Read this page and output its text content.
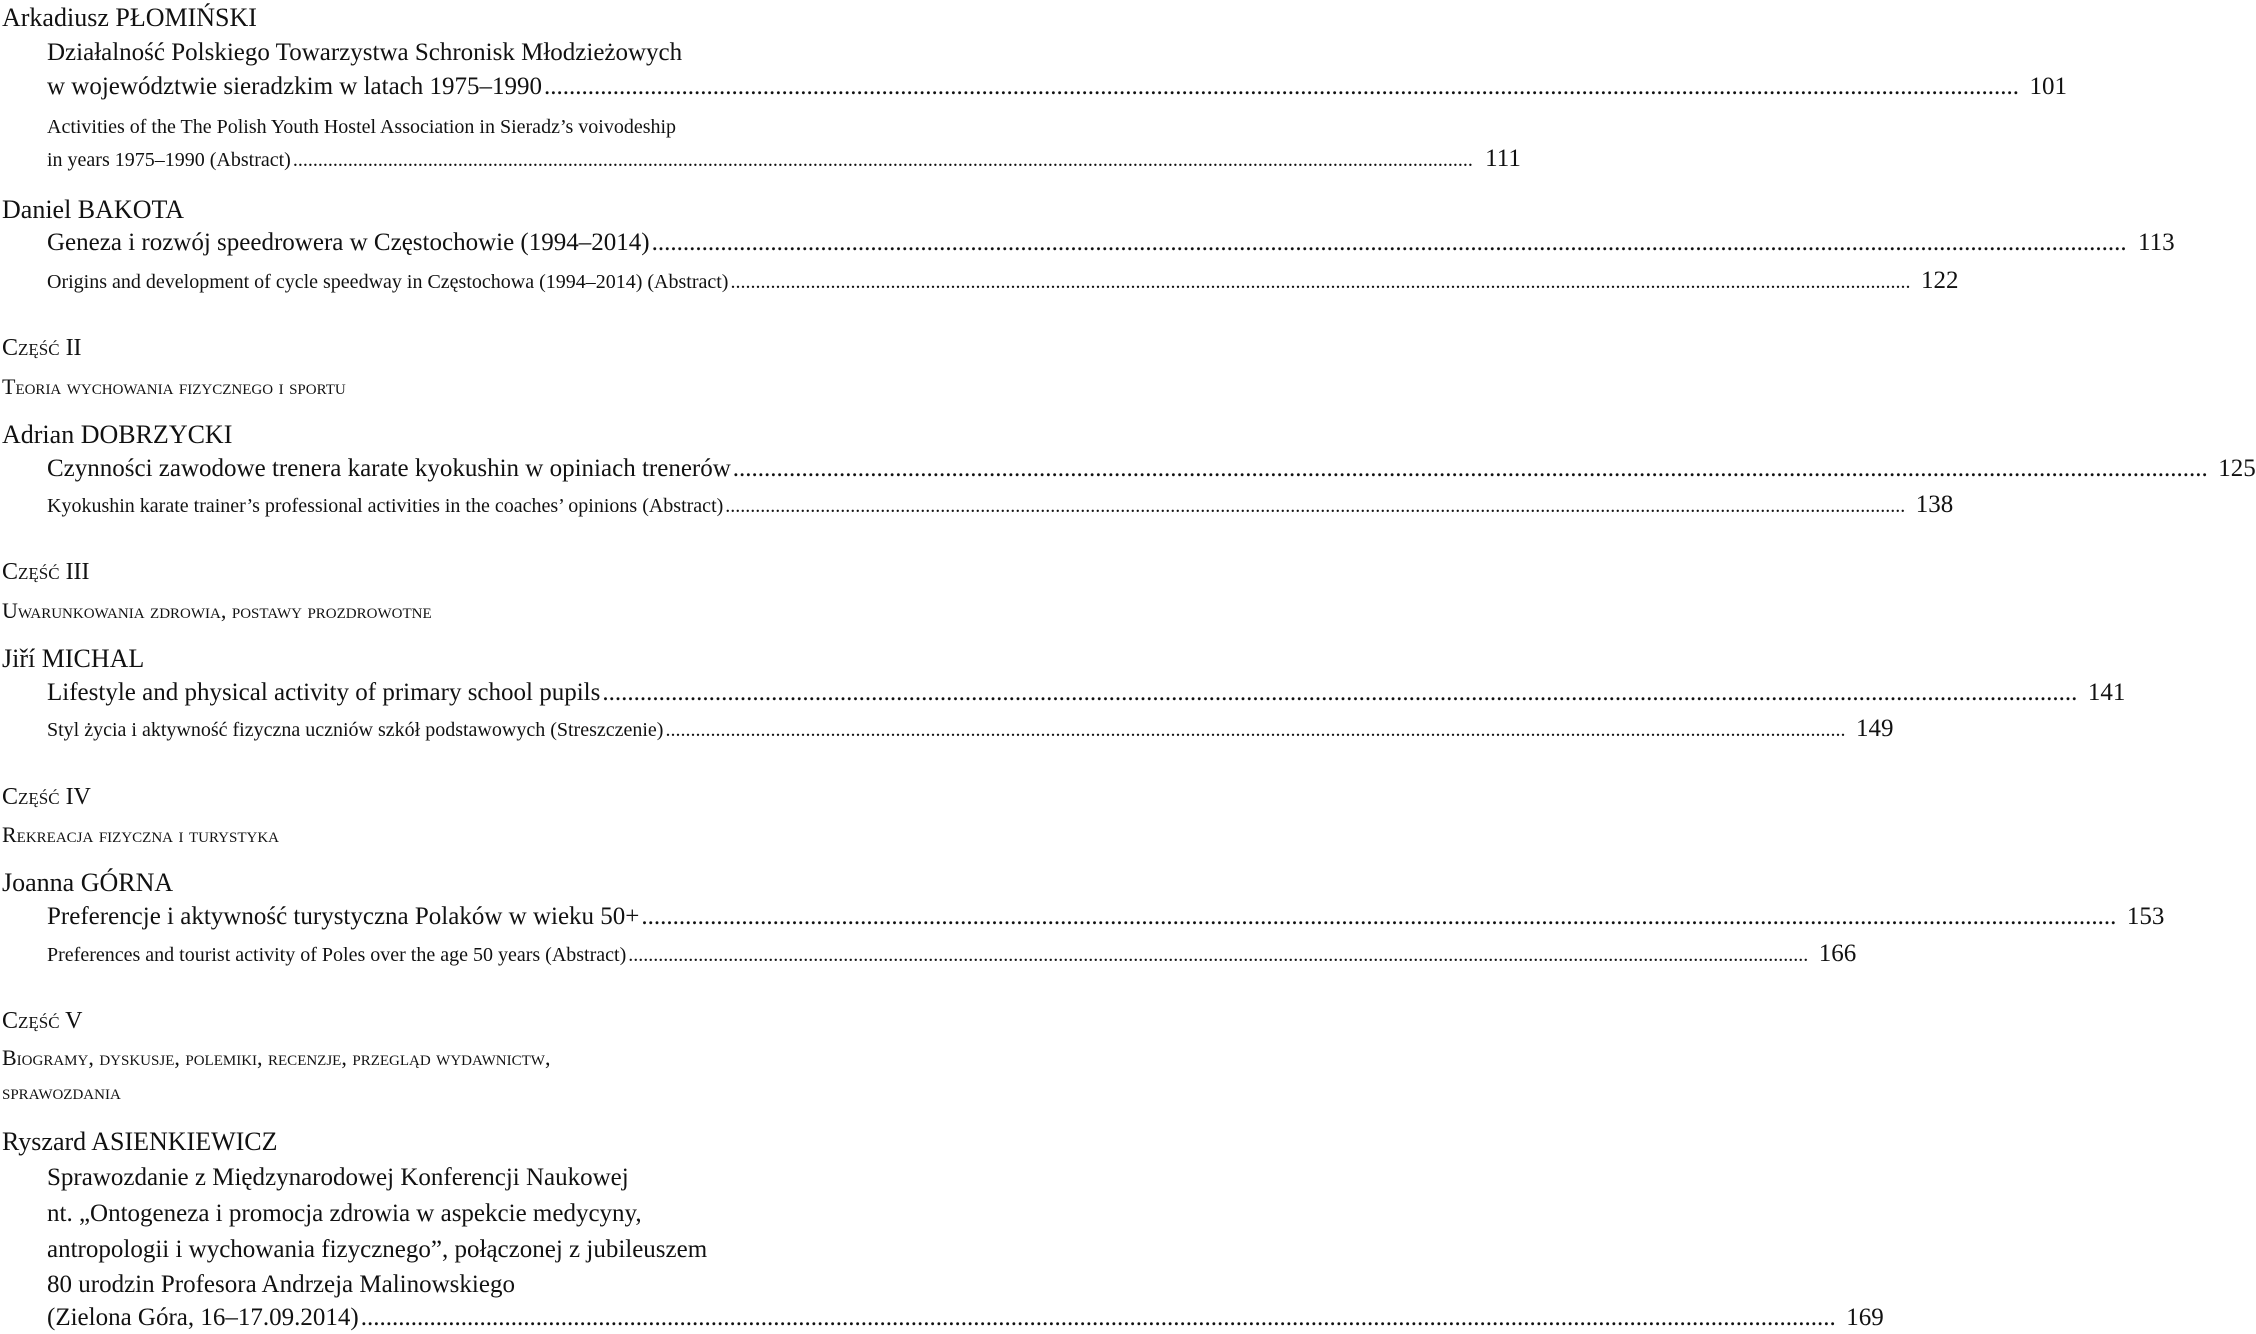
Arkadiusz PŁOMIŃSKI
Działalność Polskiego Towarzystwa Schronisk Młodzieżowych
w województwie sieradzkim w latach 1975–1990 .....	101
Activities of the The Polish Youth Hostel Association in Sieradz’s voivodeship
in years 1975–1990 (Abstract) .....	111
Daniel BAKOTA
Geneza i rozwój speedrowera w Częstochowie (1994–2014) .....	113
Origins and development of cycle speedway in Częstochowa (1994–2014) (Abstract) .....	122
Część II
Teoria wychowania fizycznego i sportu
Adrian DOBRZYCKI
Czynności zawodowe trenera karate kyokushin w opiniach trenerów .....	125
Kyokushin karate trainer’s professional activities in the coaches’ opinions (Abstract) .....	138
Część III
Uwarunkowania zdrowia, postawy prozdrowotne
Jiří MICHAL
Lifestyle and physical activity of primary school pupils .....	141
Styl życia i aktywność fizyczna uczniów szkół podstawowych (Streszczenie) .....	149
Część IV
Rekreacja fizyczna i turystyka
Joanna GÓRNA
Preferencje i aktywność turystyczna Polaków w wieku 50+ .....	153
Preferences and tourist activity of Poles over the age 50 years (Abstract) .....	166
Część V
Biogramy, dyskusje, polemiki, recenzje, przegląd wydawnictw,
sprawozdania
Ryszard ASIENKIEWICZ
Sprawozdanie z Międzynarodowej Konferencji Naukowej
nt. „Ontogeneza i promocja zdrowia w aspekcie medycyny,
antropologii i wychowania fizycznego”, połączonej z jubileuszem
80 urodzin Profesora Andrzeja Malinowskiego
(Zielona Góra, 16–17.09.2014) .....	169
